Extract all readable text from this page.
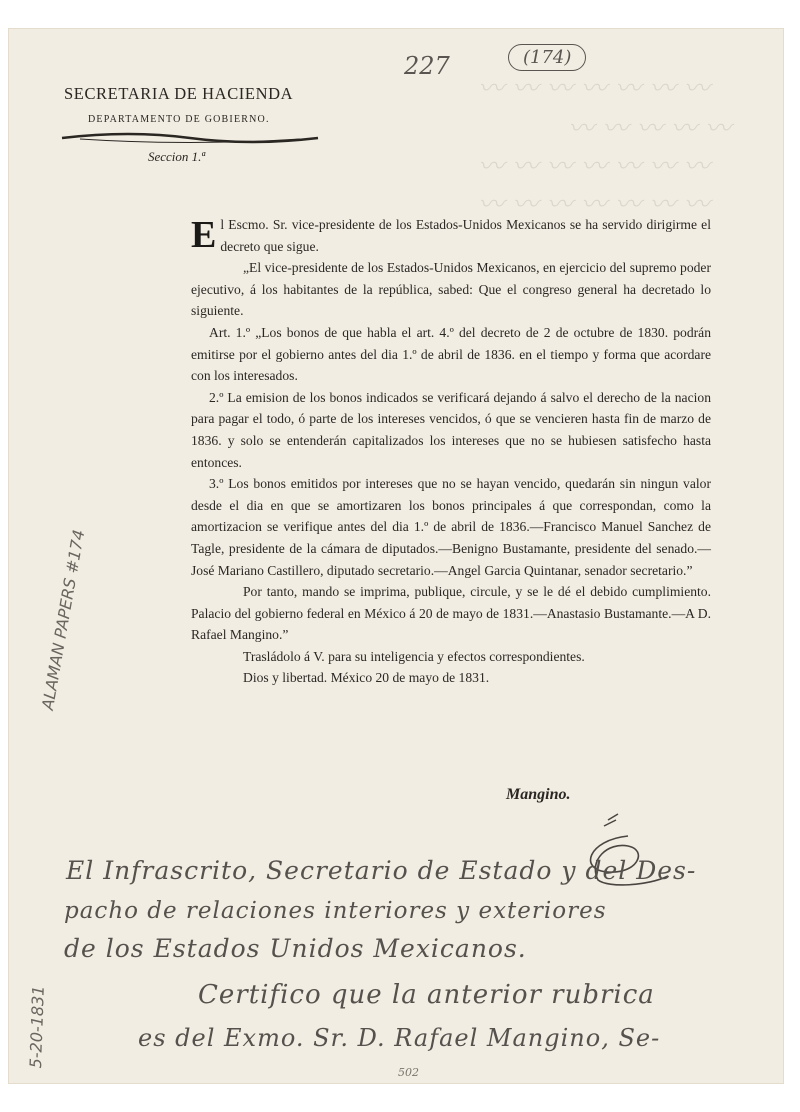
〰 〰 〰 〰 〰 〰 〰
〰 〰 〰 〰 〰
〰 〰 〰 〰 〰 〰 〰
〰 〰 〰 〰 〰 〰 〰
227	(174)
SECRETARIA DE HACIENDA
DEPARTAMENTO DE GOBIERNO.
Seccion 1.ª

El Escmo. Sr. vice-presidente de los Estados-Unidos Mexicanos se ha servido dirigirme el decreto que sigue.

„El vice-presidente de los Estados-Unidos Mexicanos, en ejercicio del supremo poder ejecutivo, á los habitantes de la república, sabed: Que el congreso general ha decretado lo siguiente.

Art. 1.º „Los bonos de que habla el art. 4.º del decreto de 2 de octubre de 1830. podrán emitirse por el gobierno antes del dia 1.º de abril de 1836. en el tiempo y forma que acordare con los interesados.

2.º La emision de los bonos indicados se verificará dejando á salvo el derecho de la nacion para pagar el todo, ó parte de los intereses vencidos, ó que se vencieren hasta fin de marzo de 1836. y solo se entenderán capitalizados los intereses que no se hubiesen satisfecho hasta entonces.

3.º Los bonos emitidos por intereses que no se hayan vencido, quedarán sin ningun valor desde el dia en que se amortizaren los bonos principales á que correspondan, como la amortizacion se verifique antes del dia 1.º de abril de 1836.—Francisco Manuel Sanchez de Tagle, presidente de la cámara de diputados.—Benigno Bustamante, presidente del senado.—José Mariano Castillero, diputado secretario.—Angel Garcia Quintanar, senador secretario.”

Por tanto, mando se imprima, publique, circule, y se le dé el debido cumplimiento. Palacio del gobierno federal en México á 20 de mayo de 1831.—Anastasio Bustamante.—A D. Rafael Mangino.”

Trasládolo á V. para su inteligencia y efectos correspondientes.

Dios y libertad. México 20 de mayo de 1831.

Mangino.
El Infrascrito, Secretario de Estado y del Des-
pacho de relaciones interiores y exteriores
de los Estados Unidos Mexicanos.
Certifico que la anterior rubrica
es del Exmo. Sr. D. Rafael Mangino, Se-
ALAMAN PAPERS #174
5-20-1831
502
